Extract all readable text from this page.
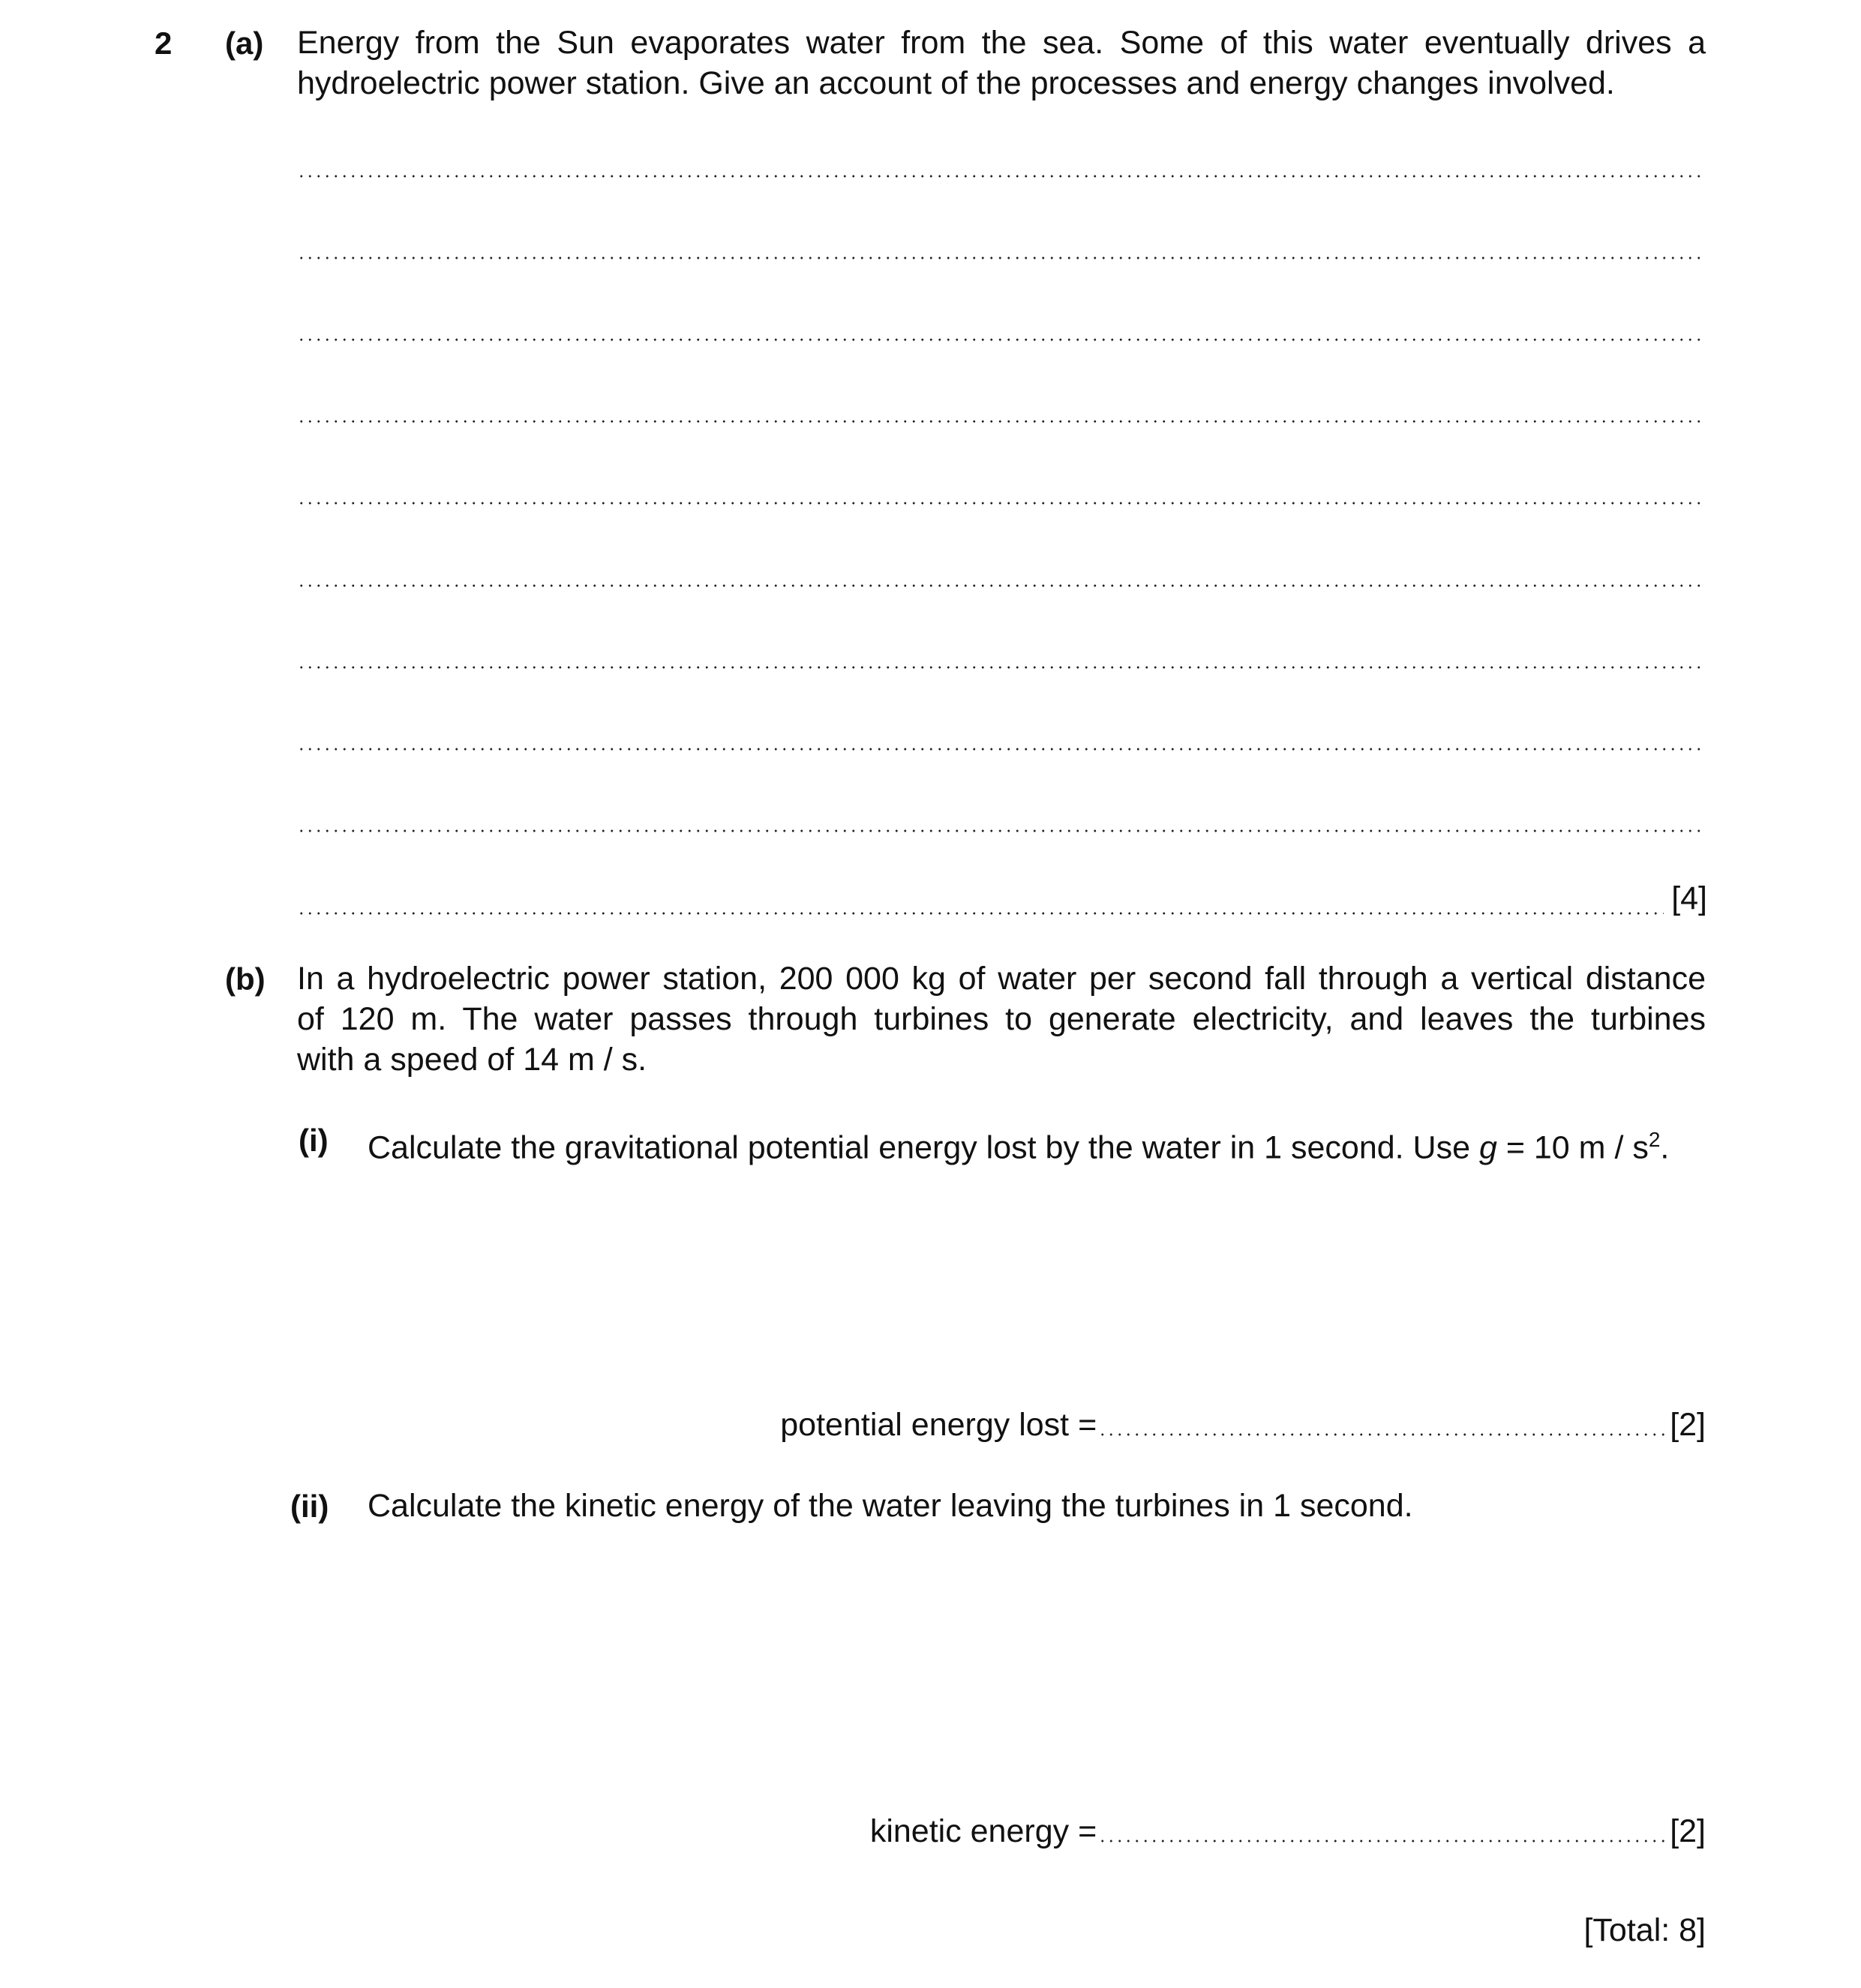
2 (a) Energy from the Sun evaporates water from the sea. Some of this water eventually drives a
hydroelectric power station. Give an account of the processes and energy changes involved.
[4]
(b) In a hydroelectric power station, 200 000 kg of water per second fall through a vertical distance
of 120 m. The water passes through turbines to generate electricity, and leaves the turbines
with a speed of 14 m / s.
(i) Calculate the gravitational potential energy lost by the water in 1 second. Use g = 10 m / $s^2$.
potential energy lost =	[2]
(ii) Calculate the kinetic energy of the water leaving the turbines in 1 second.
kinetic energy =	[2]
[Total: 8]
